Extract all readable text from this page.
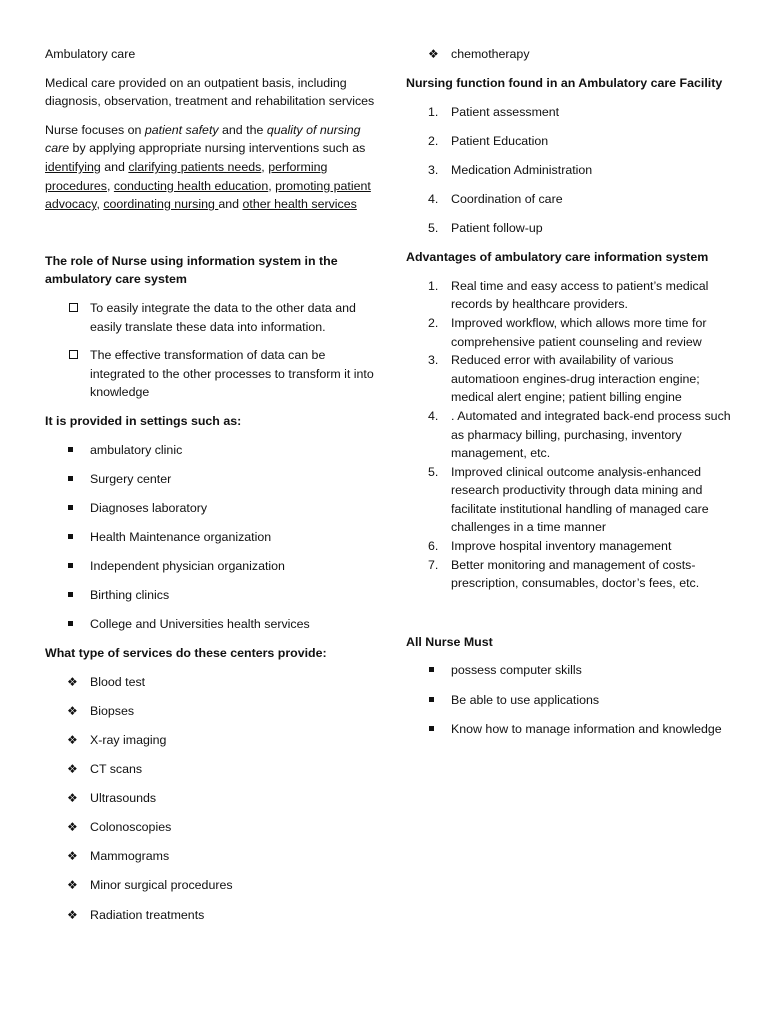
Ambulatory care

Medical care provided on an outpatient basis, including diagnosis, observation, treatment and rehabilitation services

Nurse focuses on patient safety and the quality of nursing care by applying appropriate nursing interventions such as identifying and clarifying patients needs, performing procedures, conducting health education, promoting patient advocacy, coordinating nursing and other health services

The role of Nurse using information system in the ambulatory care system

To easily integrate the data to the other data and easily translate these data into information.
The effective transformation of data can be integrated to the other processes to transform it into knowledge

It is provided in settings such as:

ambulatory clinic
Surgery center
Diagnoses laboratory
Health Maintenance organization
Independent physician organization
Birthing clinics
College and Universities health services

What type of services do these centers provide:

❖ Blood test
❖ Biopses
❖ X-ray imaging
❖ CT scans
❖ Ultrasounds
❖ Colonoscopies
❖ Mammograms
❖ Minor surgical procedures
❖ Radiation treatments
❖ chemotherapy

Nursing function found in an Ambulatory care Facility

1. Patient assessment
2. Patient Education
3. Medication Administration
4. Coordination of care
5. Patient follow-up

Advantages of ambulatory care information system

1. Real time and easy access to patient’s medical records by healthcare providers.
2. Improved workflow, which allows more time for comprehensive patient counseling and review
3. Reduced error with availability of various automatioon engines-drug interaction engine; medical alert engine; patient billing engine
4. . Automated and integrated back-end process such as pharmacy billing, purchasing, inventory management, etc.
5. Improved clinical outcome analysis-enhanced research productivity through data mining and facilitate institutional handling of managed care challenges in a time manner
6. Improve hospital inventory management
7. Better monitoring and management of costs-prescription, consumables, doctor’s fees, etc.

All Nurse Must

possess computer skills
Be able to use applications
Know how to manage information and knowledge
